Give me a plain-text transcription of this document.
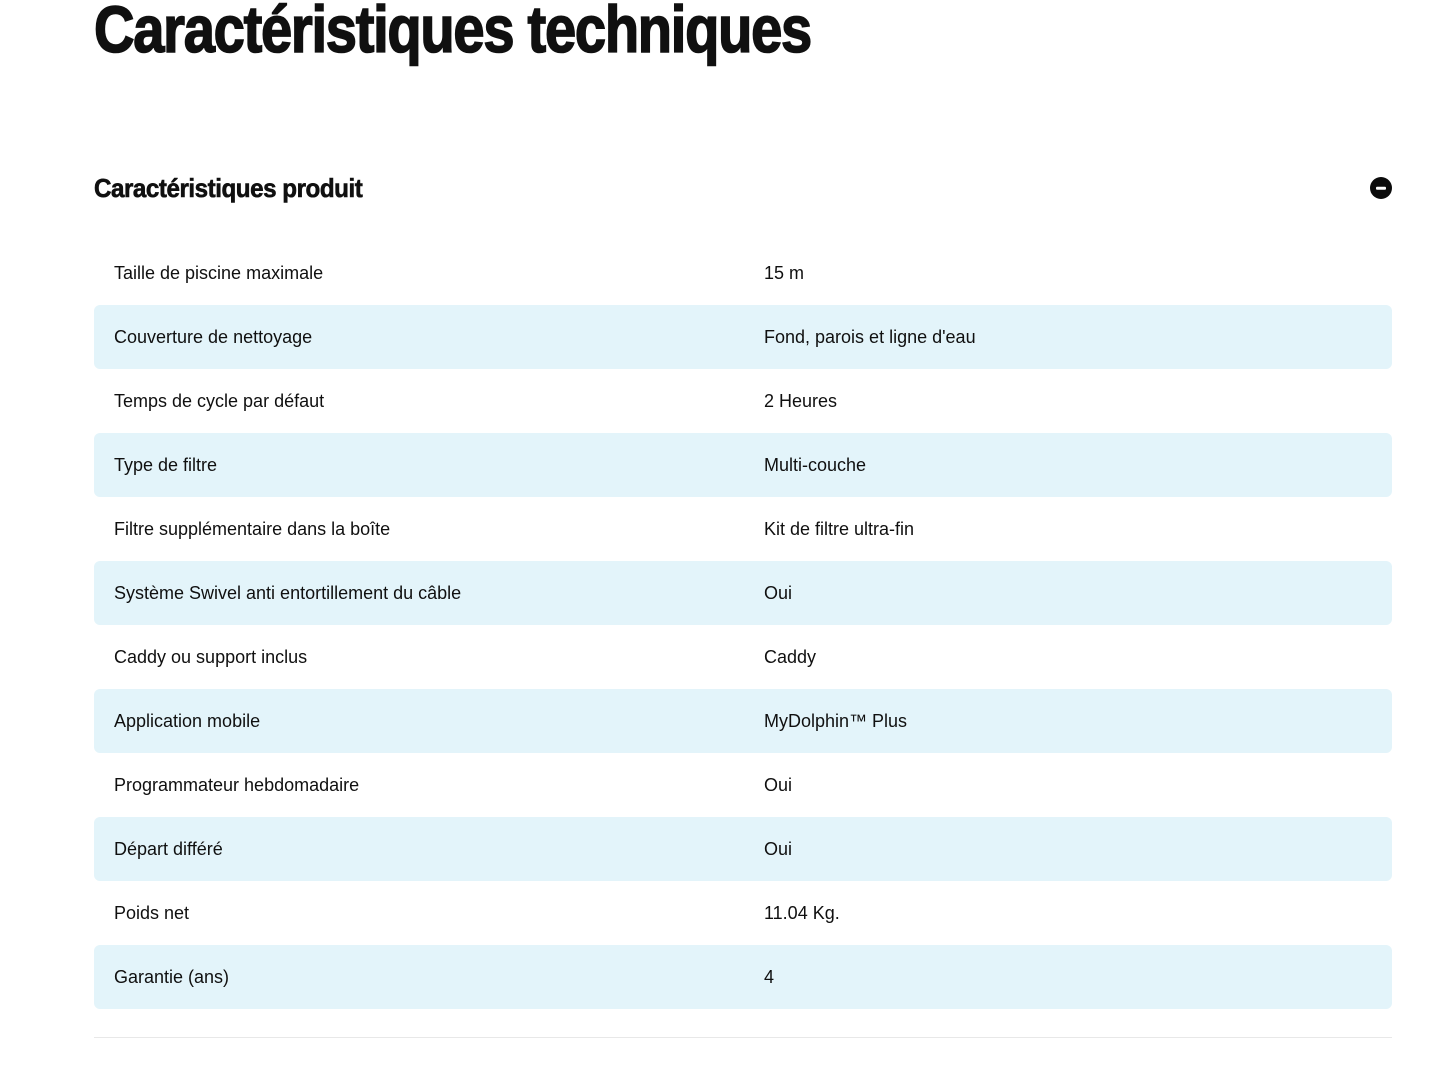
Caractéristiques techniques
Caractéristiques produit
Taille de piscine maximale	15 m
Couverture de nettoyage	Fond, parois et ligne d'eau
Temps de cycle par défaut	2 Heures
Type de filtre	Multi-couche
Filtre supplémentaire dans la boîte	Kit de filtre ultra-fin
Système Swivel anti entortillement du câble	Oui
Caddy ou support inclus	Caddy
Application mobile	MyDolphin™ Plus
Programmateur hebdomadaire	Oui
Départ différé	Oui
Poids net	11.04 Kg.
Garantie (ans)	4
